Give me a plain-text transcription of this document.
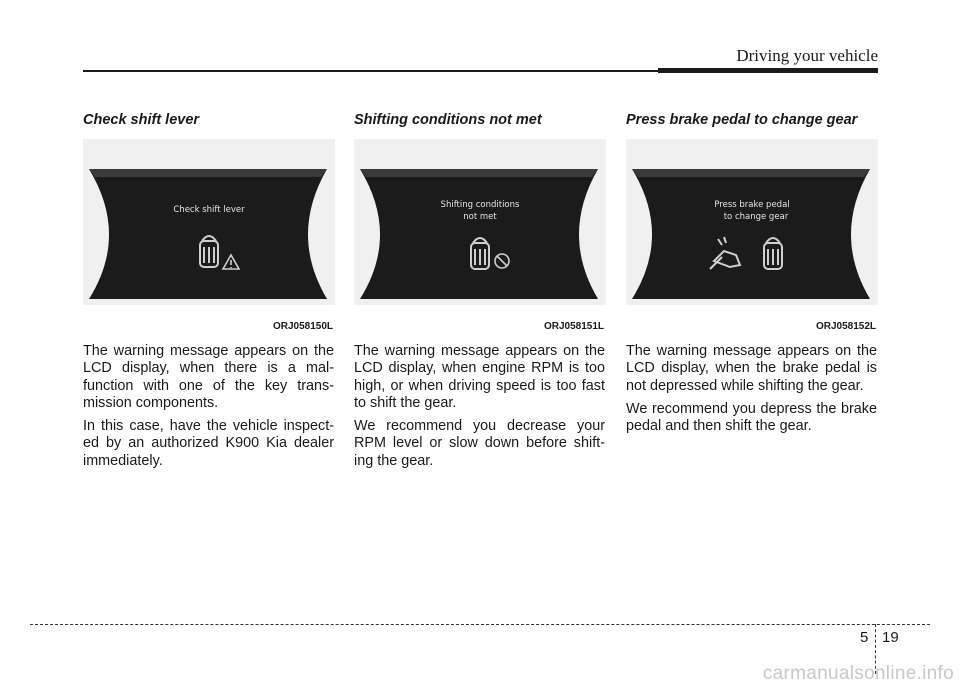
Driving your vehicle
Check shift lever
Check shift lever
ORJ058150L

The warning message appears on the LCD display, when there is a mal-function with one of the key trans-mission components.

In this case, have the vehicle inspect-ed by an authorized K900 Kia dealer immediately.

Shifting conditions not met
Shifting conditions
not met
ORJ058151L

The warning message appears on the LCD display, when engine RPM is too high, or when driving speed is too fast to shift the gear.

We recommend you decrease your RPM level or slow down before shift-ing the gear.

Press brake pedal to change gear
Press brake pedal
to change gear
ORJ058152L

The warning message appears on the LCD display, when the brake pedal is not depressed while shifting the gear.

We recommend you depress the brake pedal and then shift the gear.

5 19
carmanualsonline.info
